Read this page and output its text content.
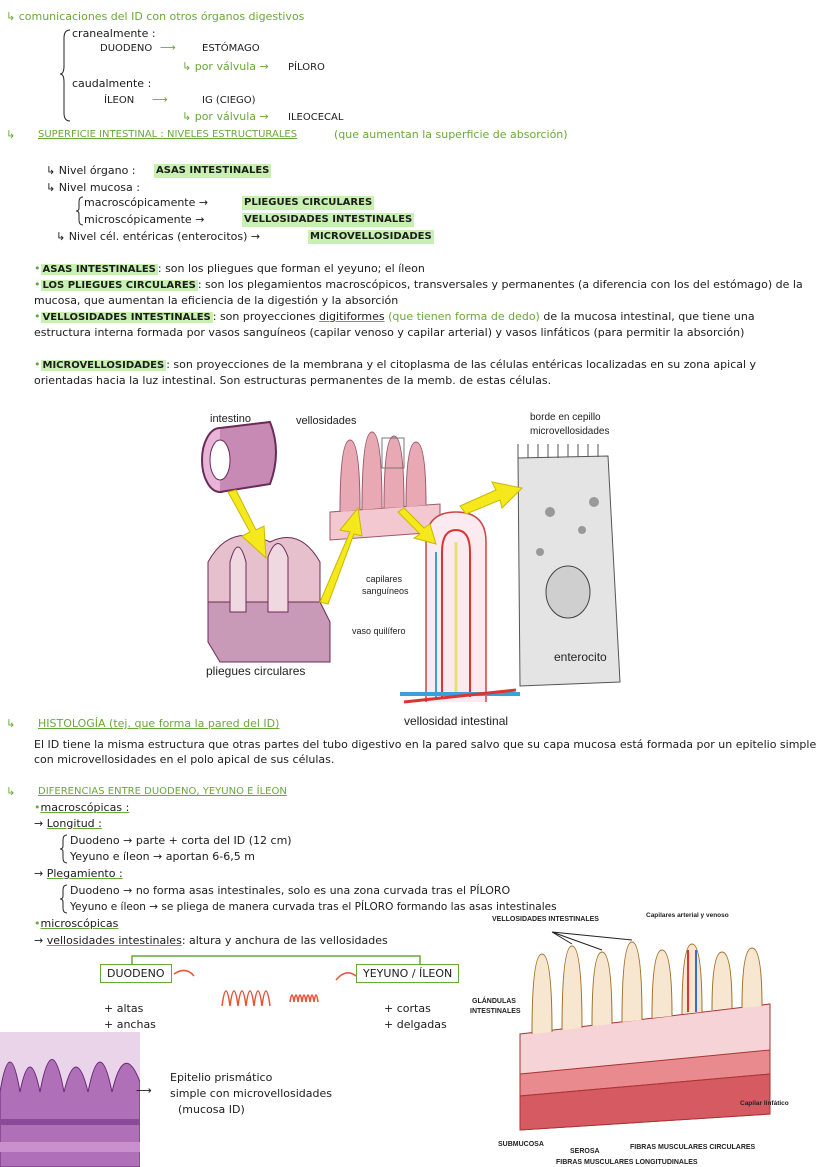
↳ comunicaciones del ID con otros órganos digestivos
cranealmente :
DUODENO ⟶	ESTÓMAGO
↳ por válvula → PÍLORO
caudalmente :
ÍLEON ⟶	IG (CIEGO)
↳ por válvula → ILEOCECAL
↳ SUPERFICIE INTESTINAL : NIVELES ESTRUCTURALES	(que aumentan la superficie de absorción)
↳ Nivel órgano : ASAS INTESTINALES
↳ Nivel mucosa :
macroscópicamente →	PLIEGUES CIRCULARES
microscópicamente →	VELLOSIDADES INTESTINALES
↳ Nivel cél. entéricas (enterocitos) →	MICROVELLOSIDADES
• ASAS INTESTINALES : son los pliegues que forman el yeyuno; el íleon
• LOS PLIEGUES CIRCULARES : son los plegamientos macroscópicos, transversales y permanentes (a diferencia con los del estómago) de la mucosa, que aumentan la eficiencia de la digestión y la absorción
• VELLOSIDADES INTESTINALES : son proyecciones digitiformes (que tienen forma de dedo) de la mucosa intestinal, que tiene una estructura interna formada por vasos sanguíneos (capilar venoso y capilar arterial) y vasos linfáticos (para permitir la absorción)
• MICROVELLOSIDADES : son proyecciones de la membrana y el citoplasma de las células entéricas localizadas en su zona apical y orientadas hacia la luz intestinal. Son estructuras permanentes de la memb. de estas células.
intestino	vellosidades	borde en cepillo
microvellosidades
capilares
sanguíneos
vaso quilífero
enterocito
pliegues circulares
vellosidad intestinal
↳ HISTOLOGÍA (tej. que forma la pared del ID)
El ID tiene la misma estructura que otras partes del tubo digestivo en la pared salvo que su capa mucosa está formada por un epitelio simple con microvellosidades en el polo apical de sus células.
↳ DIFERENCIAS ENTRE DUODENO, YEYUNO E ÍLEON
•macroscópicas :
→ Longitud :
Duodeno → parte + corta del ID (12 cm)
Yeyuno e íleon → aportan 6-6,5 m
→ Plegamiento :
Duodeno → no forma asas intestinales, solo es una zona curvada tras el PÍLORO
Yeyuno e íleon → se pliega de manera curvada tras el PÍLORO formando las asas intestinales
•microscópicas
→ vellosidades intestinales: altura y anchura de las vellosidades
DUODENO	YEYUNO / ÍLEON
+ altas
+ anchas
+ cortas
+ delgadas
⟶
Epitelio prismático
simple con microvellosidades
(mucosa ID)
VELLOSIDADES INTESTINALES
Capilares arterial y venoso
GLÁNDULAS
INTESTINALES
Capilar linfático
SUBMUCOSA
SEROSA
FIBRAS MUSCULARES CIRCULARES
FIBRAS MUSCULARES LONGITUDINALES
